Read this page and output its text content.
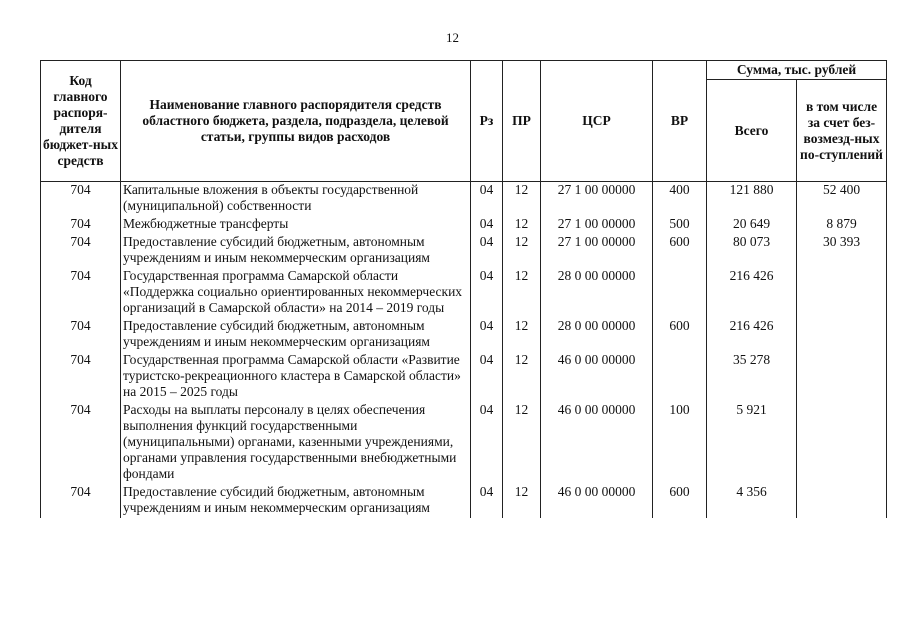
12
Код главного распоря-дителя бюджет-ных средств	Наименование главного распорядителя средств областного бюджета, раздела, подраздела, целевой статьи, группы видов расходов	Рз	ПР	ЦСР	ВР	Сумма, тыс. рублей	
						Всего	в том числе за счет без-возмезд-ных по-ступлений
704	Капитальные вложения в объекты государственной (муниципальной) собственности	04	12	27 1 00 00000	400	121 880	52 400
704	Межбюджетные трансферты	04	12	27 1 00 00000	500	20 649	8 879
704	Предоставление субсидий бюджетным, автономным учреждениям и иным некоммерческим организациям	04	12	27 1 00 00000	600	80 073	30 393
704	Государственная программа Самарской области «Поддержка социально ориентированных некоммерческих организаций в Самарской области» на 2014 – 2019 годы	04	12	28 0 00 00000		216 426	
704	Предоставление субсидий бюджетным, автономным учреждениям и иным некоммерческим организациям	04	12	28 0 00 00000	600	216 426	
704	Государственная программа Самарской области «Развитие туристско-рекреационного кластера в Самарской области» на 2015 – 2025 годы	04	12	46 0 00 00000		35 278	
704	Расходы на выплаты персоналу в целях обеспечения выполнения функций государственными (муниципальными) органами, казенными учреждениями, органами управления государственными внебюджетными фондами	04	12	46 0 00 00000	100	5 921	
704	Предоставление субсидий бюджетным, автономным учреждениям и иным некоммерческим организациям	04	12	46 0 00 00000	600	4 356	
